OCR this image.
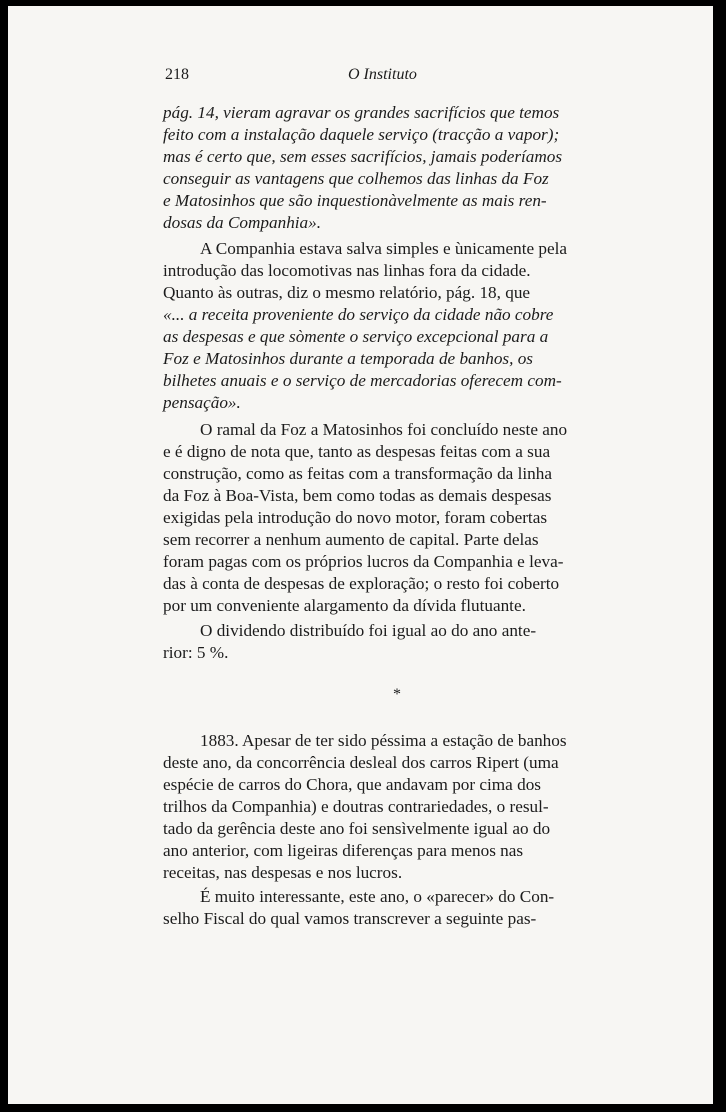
218	O Instituto
pág. 14, vieram agravar os grandes sacrifícios que temos
feito com a instalação daquele serviço (tracção a vapor);
mas é certo que, sem esses sacrifícios, jamais poderíamos
conseguir as vantagens que colhemos das linhas da Foz
e Matosinhos que são inquestionàvelmente as mais ren-
dosas da Companhia».
A Companhia estava salva simples e ùnicamente pela
introdução das locomotivas nas linhas fora da cidade.
Quanto às outras, diz o mesmo relatório, pág. 18, que
«... a receita proveniente do serviço da cidade não cobre
as despesas e que sòmente o serviço excepcional para a
Foz e Matosinhos durante a temporada de banhos, os
bilhetes anuais e o serviço de mercadorias oferecem com-
pensação».
O ramal da Foz a Matosinhos foi concluído neste ano
e é digno de nota que, tanto as despesas feitas com a sua
construção, como as feitas com a transformação da linha
da Foz à Boa-Vista, bem como todas as demais despesas
exigidas pela introdução do novo motor, foram cobertas
sem recorrer a nenhum aumento de capital. Parte delas
foram pagas com os próprios lucros da Companhia e leva-
das à conta de despesas de exploração; o resto foi coberto
por um conveniente alargamento da dívida flutuante.
O dividendo distribuído foi igual ao do ano ante-
rior: 5 %.
*
1883. Apesar de ter sido péssima a estação de banhos
deste ano, da concorrência desleal dos carros Ripert (uma
espécie de carros do Chora, que andavam por cima dos
trilhos da Companhia) e doutras contrariedades, o resul-
tado da gerência deste ano foi sensìvelmente igual ao do
ano anterior, com ligeiras diferenças para menos nas
receitas, nas despesas e nos lucros.
É muito interessante, este ano, o «parecer» do Con-
selho Fiscal do qual vamos transcrever a seguinte pas-
